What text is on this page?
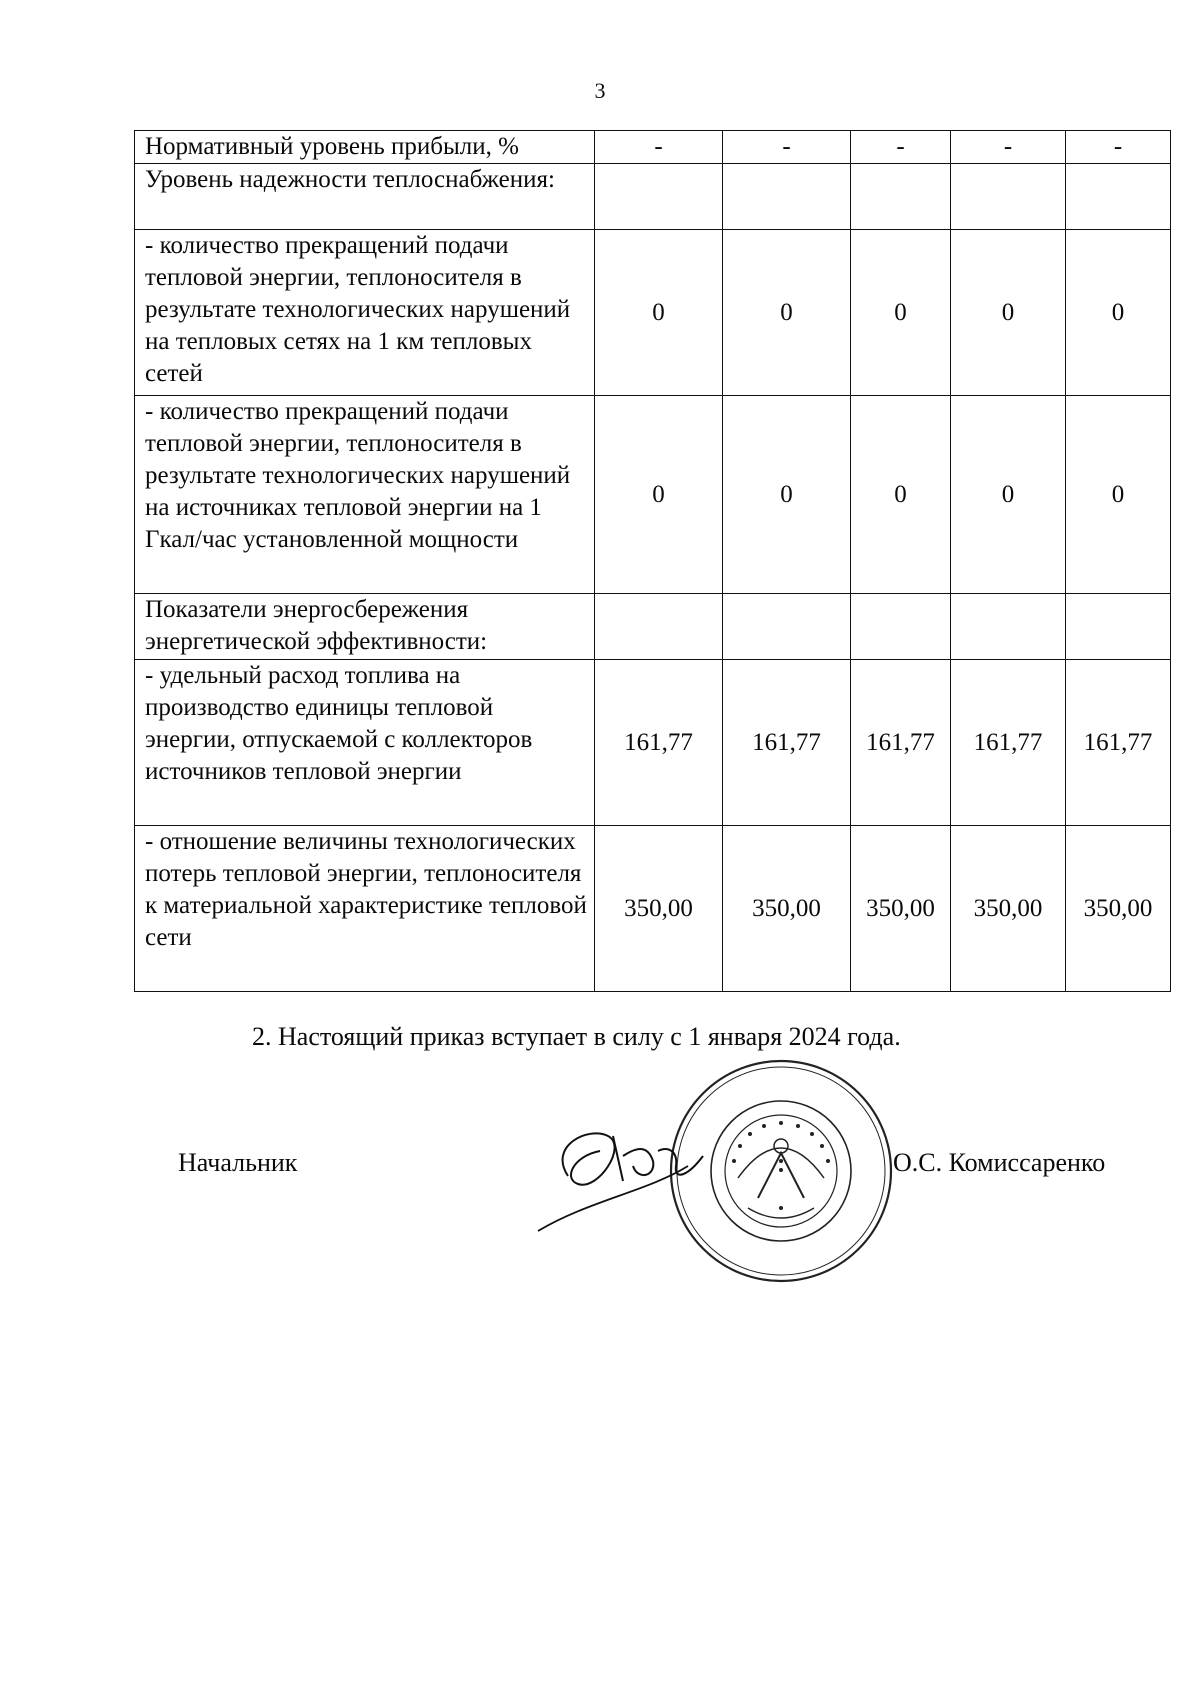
3
Нормативный уровень прибыли, %	-	-	-	-	-
Уровень надежности теплоснабжения:					
- количество прекращений подачи тепловой энергии, теплоносителя в результате технологических нарушений на тепловых сетях на 1 км тепловых сетей	0	0	0	0	0
- количество прекращений подачи тепловой энергии, теплоносителя в результате технологических нарушений на источниках тепловой энергии на 1 Гкал/час установленной мощности	0	0	0	0	0
Показатели энергосбережения энергетической эффективности:					
- удельный расход топлива на производство единицы тепловой энергии, отпускаемой с коллекторов источников тепловой энергии	161,77	161,77	161,77	161,77	161,77
- отношение величины технологических потерь тепловой энергии, теплоносителя к материальной характеристике тепловой сети	350,00	350,00	350,00	350,00	350,00
2. Настоящий приказ вступает в силу с 1 января 2024 года.
Начальник	О.С. Комиссаренко
